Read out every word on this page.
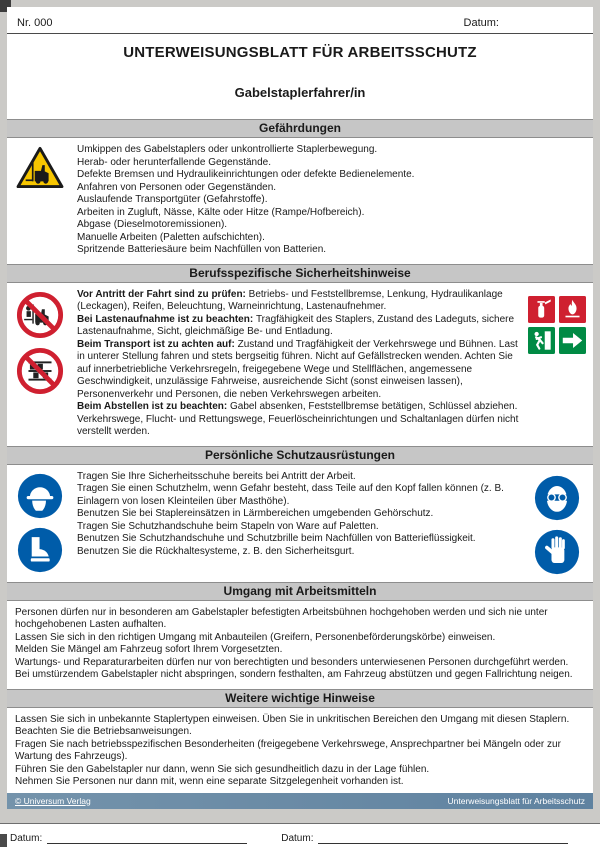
Nr. 000	Datum:
UNTERWEISUNGSBLATT FÜR ARBEITSSCHUTZ
Gabelstaplerfahrer/in
Gefährdungen
Umkippen des Gabelstaplers oder unkontrollierte Staplerbewegung.
Herab- oder herunterfallende Gegenstände.
Defekte Bremsen und Hydraulikeinrichtungen oder defekte Bedienelemente.
Anfahren von Personen oder Gegenständen.
Auslaufende Transportgüter (Gefahrstoffe).
Arbeiten in Zugluft, Nässe, Kälte oder Hitze (Rampe/Hofbereich).
Abgase (Dieselmotoremissionen).
Manuelle Arbeiten (Paletten aufschichten).
Spritzende Batteriesäure beim Nachfüllen von Batterien.
Berufsspezifische Sicherheitshinweise
Vor Antritt der Fahrt sind zu prüfen: Betriebs- und Feststellbremse, Lenkung, Hydraulikanlage (Leckagen), Reifen, Beleuchtung, Warneinrichtung, Lastenaufnehmer.
Bei Lastenaufnahme ist zu beachten: Tragfähigkeit des Staplers, Zustand des Ladeguts, sichere Lastenaufnahme, Sicht, gleichmäßige Be- und Entladung.
Beim Transport ist zu achten auf: Zustand und Tragfähigkeit der Verkehrswege und Bühnen. Last in unterer Stellung fahren und stets bergseitig führen. Nicht auf Gefällstrecken wenden. Achten Sie auf innerbetriebliche Verkehrsregeln, freigegebene Wege und Stellflächen, angemessene Geschwindigkeit, unzulässige Fahrweise, ausreichende Sicht (sonst einweisen lassen), Personenverkehr und Personen, die neben Verkehrswegen arbeiten.
Beim Abstellen ist zu beachten: Gabel absenken, Feststellbremse betätigen, Schlüssel abziehen. Verkehrswege, Flucht- und Rettungswege, Feuerlöscheinrichtungen und Schaltanlagen dürfen nicht verstellt werden.
Persönliche Schutzausrüstungen
Tragen Sie Ihre Sicherheitsschuhe bereits bei Antritt der Arbeit.
Tragen Sie einen Schutzhelm, wenn Gefahr besteht, dass Teile auf den Kopf fallen können (z. B. Einlagern von losen Kleinteilen über Masthöhe).
Benutzen Sie bei Staplereinsätzen in Lärmbereichen umgebenden Gehörschutz.
Tragen Sie Schutzhandschuhe beim Stapeln von Ware auf Paletten.
Benutzen Sie Schutzhandschuhe und Schutzbrille beim Nachfüllen von Batterieflüssigkeit.
Benutzen Sie die Rückhaltesysteme, z. B. den Sicherheitsgurt.
Umgang mit Arbeitsmitteln
Personen dürfen nur in besonderen am Gabelstapler befestigten Arbeitsbühnen hochgehoben werden und sich nie unter hochgehobenen Lasten aufhalten.
Lassen Sie sich in den richtigen Umgang mit Anbauteilen (Greifern, Personenbeförderungskörbe) einweisen.
Melden Sie Mängel am Fahrzeug sofort Ihrem Vorgesetzten.
Wartungs- und Reparaturarbeiten dürfen nur von berechtigten und besonders unterwiesenen Personen durchgeführt werden.
Bei umstürzendem Gabelstapler nicht abspringen, sondern festhalten, am Fahrzeug abstützen und gegen Fallrichtung neigen.
Weitere wichtige Hinweise
Lassen Sie sich in unbekannte Staplertypen einweisen. Üben Sie in unkritischen Bereichen den Umgang mit diesen Staplern. Beachten Sie die Betriebsanweisungen.
Fragen Sie nach betriebsspezifischen Besonderheiten (freigegebene Verkehrswege, Ansprechpartner bei Mängeln oder zur Wartung des Fahrzeugs).
Führen Sie den Gabelstapler nur dann, wenn Sie sich gesundheitlich dazu in der Lage fühlen.
Nehmen Sie Personen nur dann mit, wenn eine separate Sitzgelegenheit vorhanden ist.
© Universum Verlag	Unterweisungsblatt für Arbeitsschutz
Datum:	Datum:
